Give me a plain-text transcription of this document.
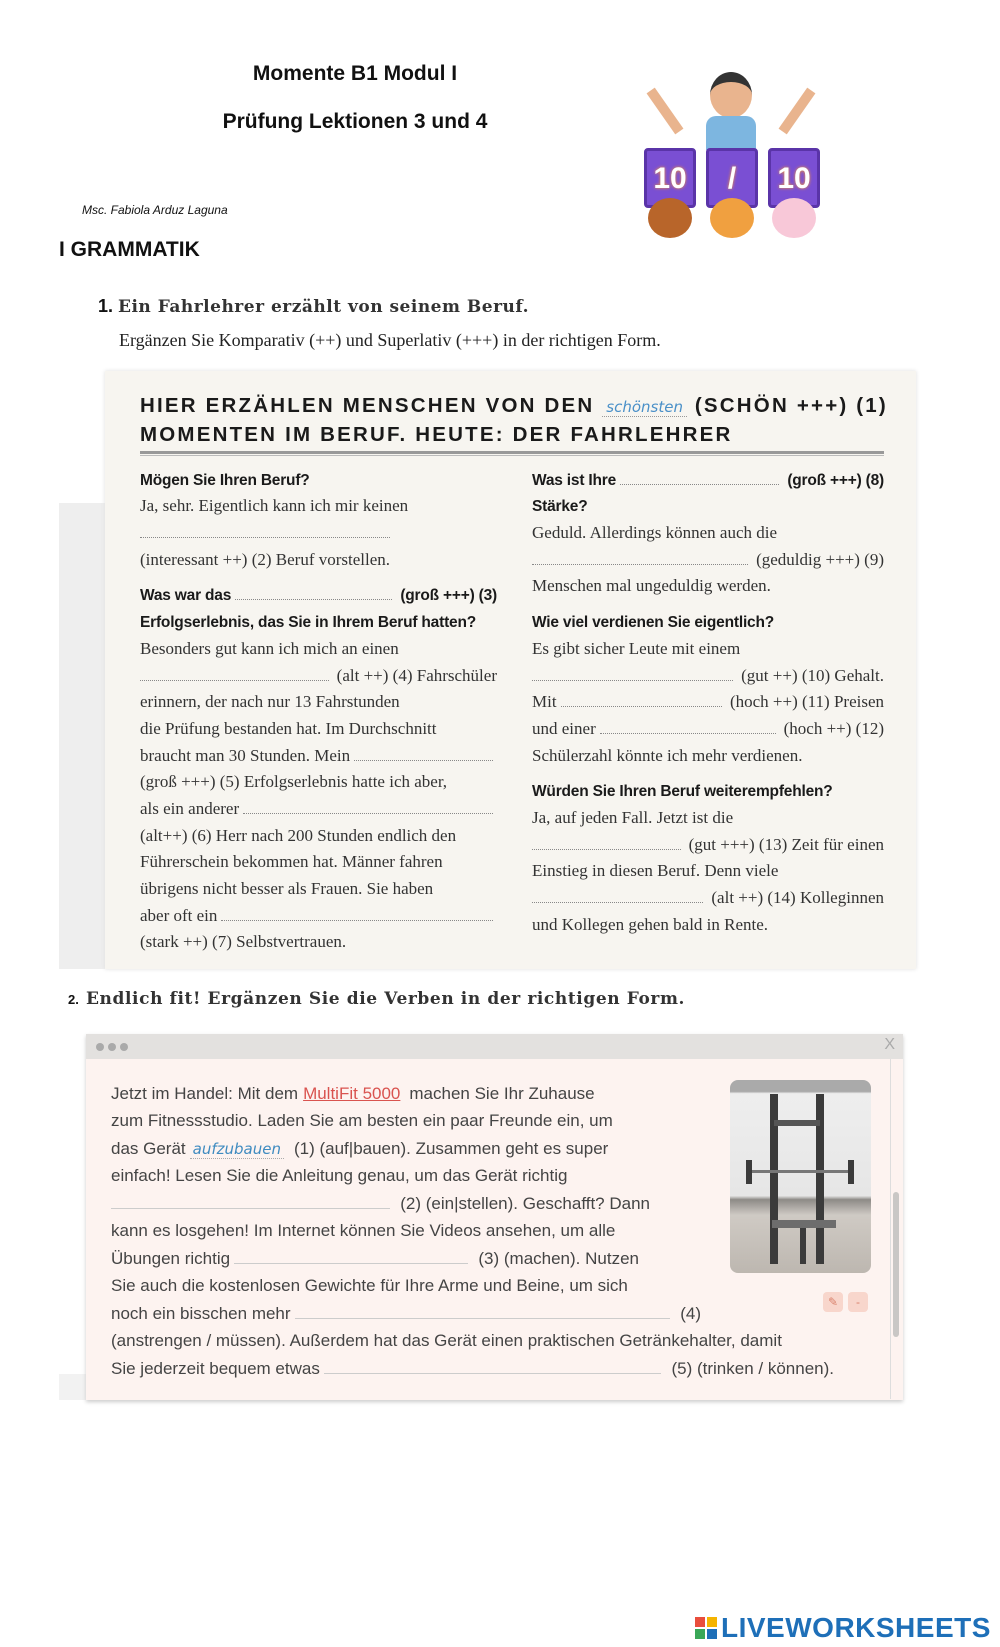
Momente B1 Modul I
Prüfung Lektionen 3 und 4
Msc. Fabiola Arduz Laguna
I GRAMMATIK
10	/	10
1. Ein Fahrlehrer erzählt von seinem Beruf.
Ergänzen Sie Komparativ (++) und Superlativ (+++) in der richtigen Form.
HIER ERZÄHLEN MENSCHEN VON DEN schönsten (SCHÖN +++) (1)
MOMENTEN IM BERUF. HEUTE: DER FAHRLEHRER
Mögen Sie Ihren Beruf?
Ja, sehr. Eigentlich kann ich mir keinen
(interessant ++) (2) Beruf vorstellen.
Was war das	(groß +++) (3)
Erfolgserlebnis, das Sie in Ihrem Beruf hatten?
Besonders gut kann ich mich an einen
(alt ++) (4) Fahrschüler
erinnern, der nach nur 13 Fahrstunden
die Prüfung bestanden hat. Im Durchschnitt
braucht man 30 Stunden. Mein
(groß +++) (5) Erfolgserlebnis hatte ich aber,
als ein anderer
(alt++) (6) Herr nach 200 Stunden endlich den
Führerschein bekommen hat. Männer fahren
übrigens nicht besser als Frauen. Sie haben
aber oft ein
(stark ++) (7) Selbstvertrauen.
Was ist Ihre	(groß +++) (8)
Stärke?
Geduld. Allerdings können auch die
(geduldig +++) (9)
Menschen mal ungeduldig werden.
Wie viel verdienen Sie eigentlich?
Es gibt sicher Leute mit einem
(gut ++) (10) Gehalt.
Mit	(hoch ++) (11) Preisen
und einer	(hoch ++) (12)
Schülerzahl könnte ich mehr verdienen.
Würden Sie Ihren Beruf weiterempfehlen?
Ja, auf jeden Fall. Jetzt ist die
(gut +++) (13) Zeit für einen
Einstieg in diesen Beruf. Denn viele
(alt ++) (14) Kolleginnen
und Kollegen gehen bald in Rente.
2. Endlich fit! Ergänzen Sie die Verben in der richtigen Form.
X
Jetzt im Handel: Mit dem MultiFit 5000 machen Sie Ihr Zuhause
zum Fitnessstudio. Laden Sie am besten ein paar Freunde ein, um
das Gerät aufzubauen (1) (auf|bauen). Zusammen geht es super
einfach! Lesen Sie die Anleitung genau, um das Gerät richtig
(2) (ein|stellen). Geschafft? Dann
kann es losgehen! Im Internet können Sie Videos ansehen, um alle
Übungen richtig	(3) (machen). Nutzen
Sie auch die kostenlosen Gewichte für Ihre Arme und Beine, um sich
noch ein bisschen mehr	(4)
(anstrengen / müssen). Außerdem hat das Gerät einen praktischen Getränkehalter, damit
Sie jederzeit bequem etwas	(5) (trinken / können).
✎	-
LIVEWORKSHEETS
